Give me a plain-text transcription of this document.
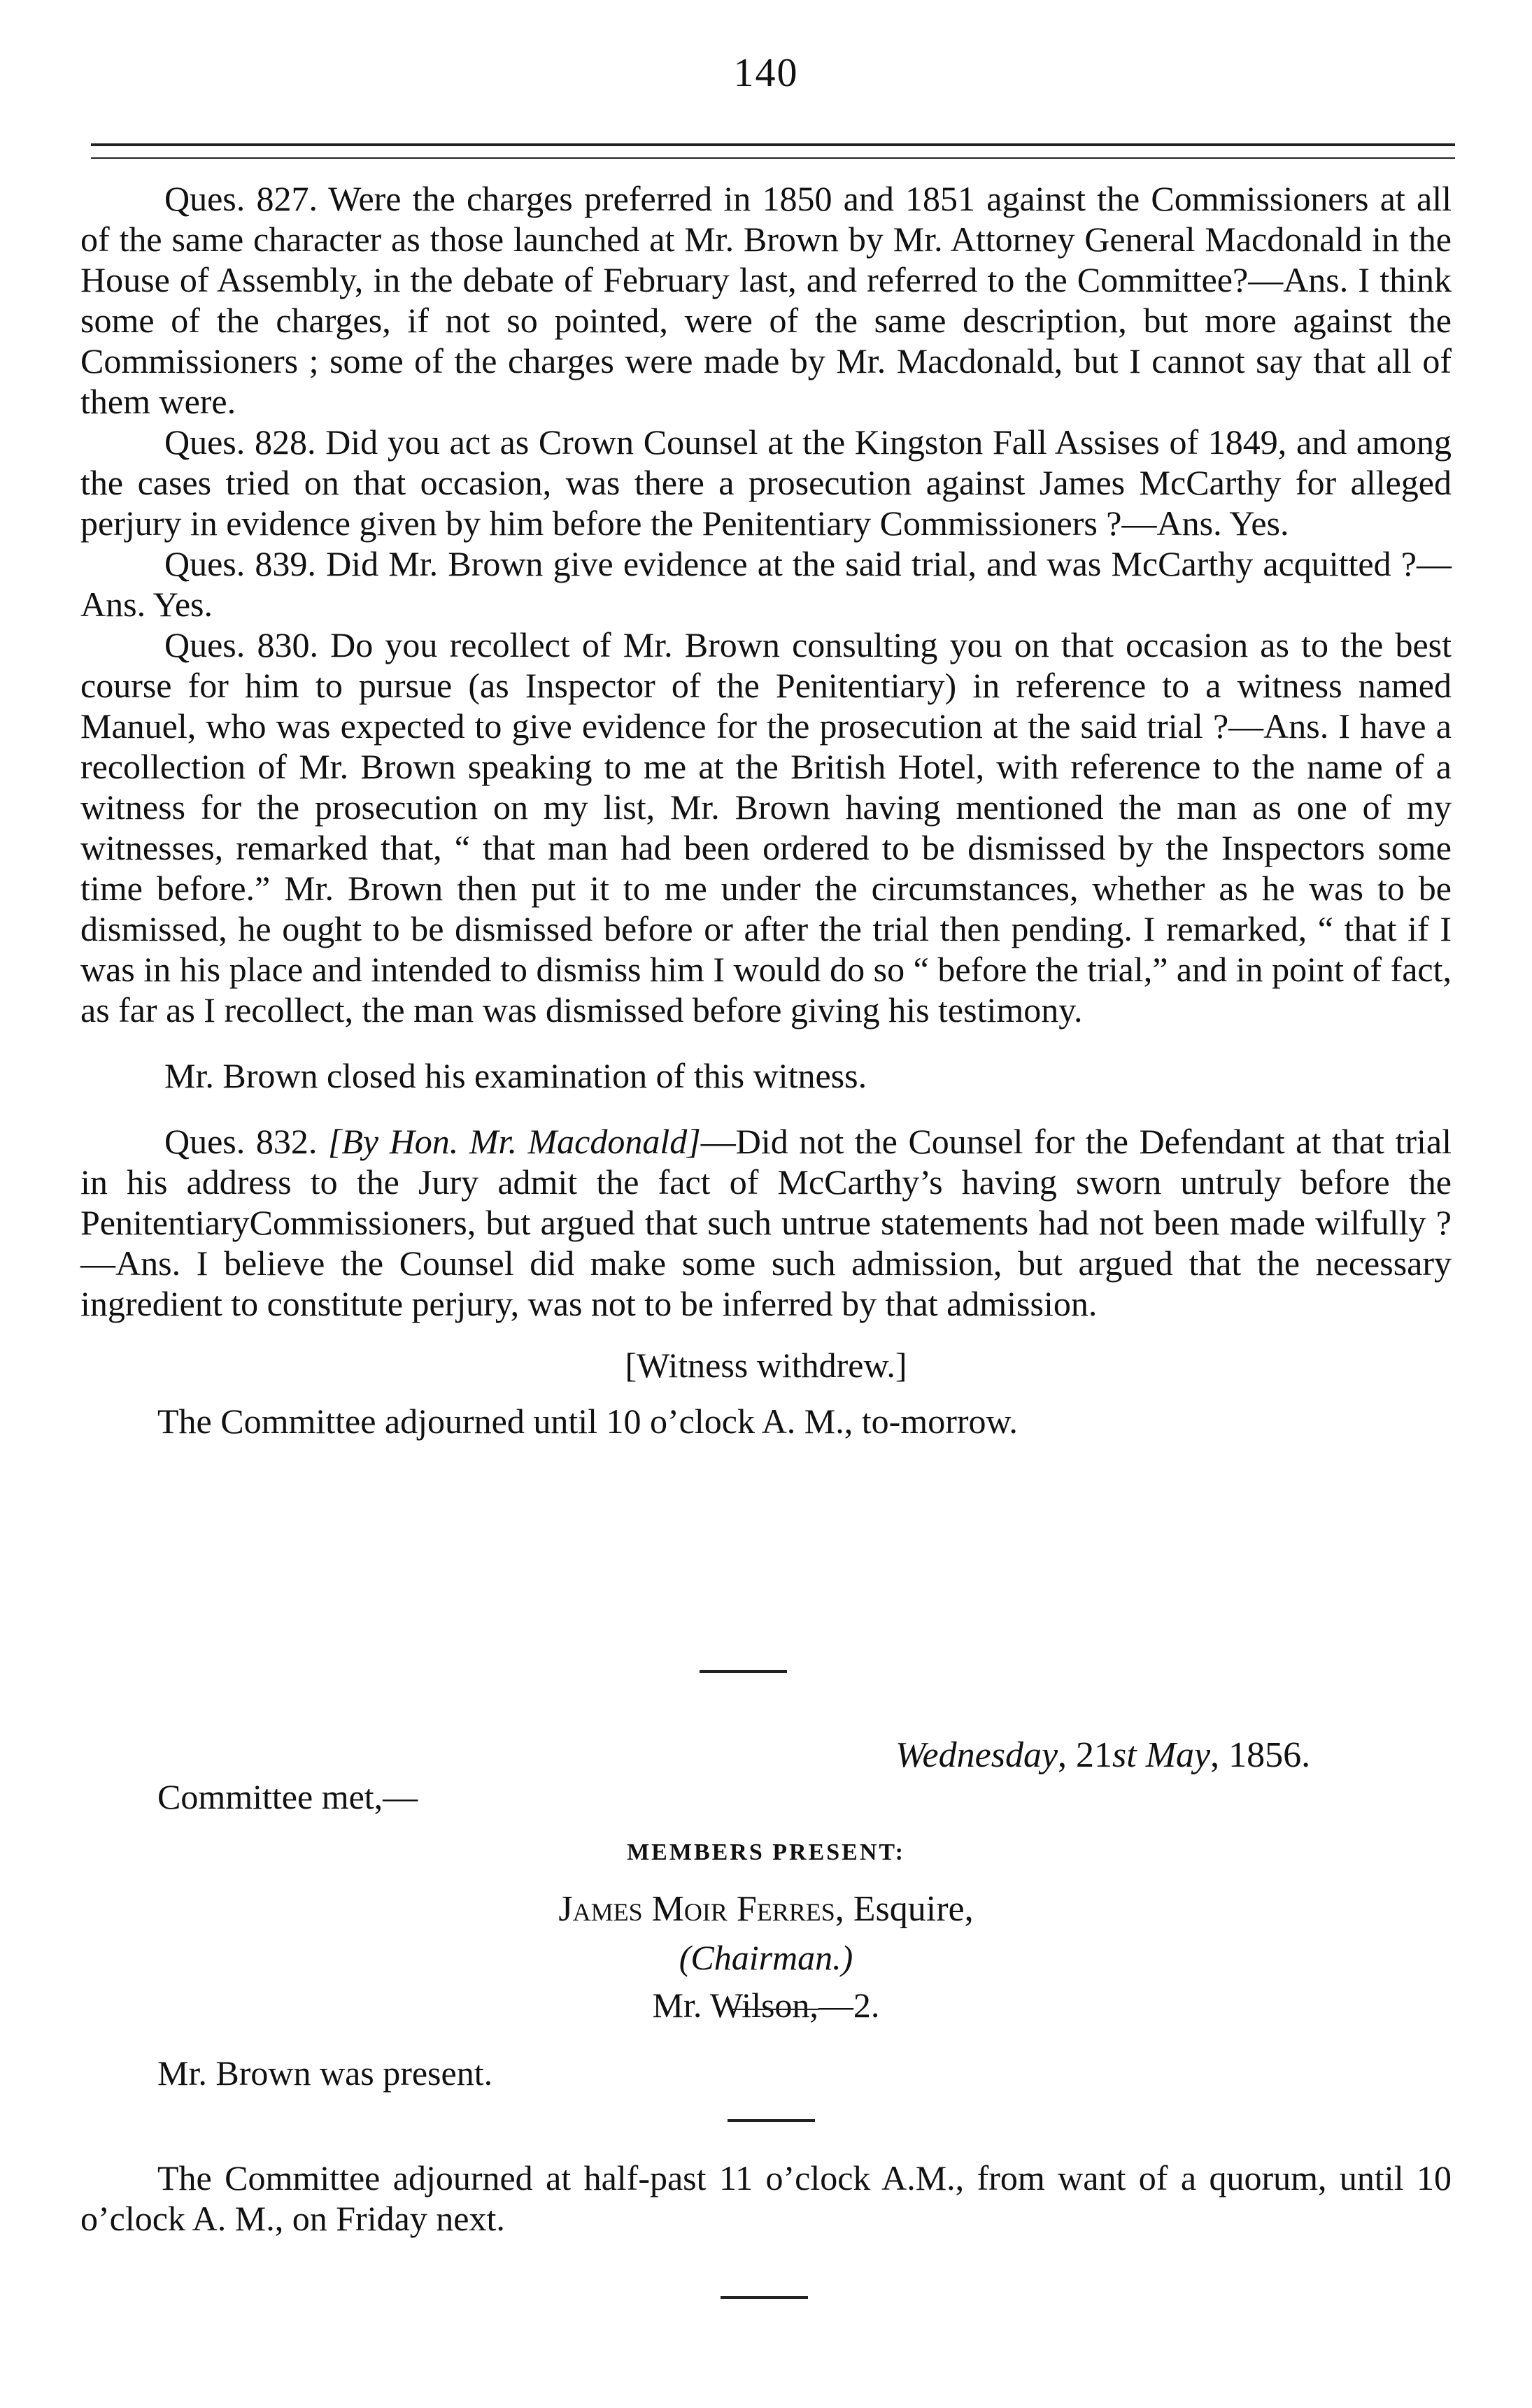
140

Ques. 827. Were the charges preferred in 1850 and 1851 against the Commissioners at all of the same character as those launched at Mr. Brown by Mr. Attorney General Macdonald in the House of Assembly, in the debate of February last, and referred to the Committee?—Ans. I think some of the charges, if not so pointed, were of the same description, but more against the Commissioners ; some of the charges were made by Mr. Macdonald, but I cannot say that all of them were.

Ques. 828. Did you act as Crown Counsel at the Kingston Fall Assises of 1849, and among the cases tried on that occasion, was there a prosecution against James McCarthy for alleged perjury in evidence given by him before the Penitentiary Commissioners ?—Ans. Yes.

Ques. 839. Did Mr. Brown give evidence at the said trial, and was McCarthy acquitted ?—Ans. Yes.

Ques. 830. Do you recollect of Mr. Brown consulting you on that occasion as to the best course for him to pursue (as Inspector of the Penitentiary) in reference to a witness named Manuel, who was expected to give evidence for the prosecution at the said trial ?—Ans. I have a recollection of Mr. Brown speaking to me at the British Hotel, with reference to the name of a witness for the prosecution on my list, Mr. Brown having mentioned the man as one of my witnesses, remarked that, “ that man had been ordered to be dismissed by the Inspectors some time before.” Mr. Brown then put it to me under the circumstances, whether as he was to be dismissed, he ought to be dismissed before or after the trial then pending. I remarked, “ that if I was in his place and intended to dismiss him I would do so “ before the trial,” and in point of fact, as far as I recollect, the man was dismissed before giving his testimony.

Mr. Brown closed his examination of this witness.

Ques. 832. [By Hon. Mr. Macdonald]—Did not the Counsel for the Defendant at that trial in his address to the Jury admit the fact of McCarthy’s having sworn untruly before the PenitentiaryCommissioners, but argued that such untrue statements had not been made wilfully ?—Ans. I believe the Counsel did make some such admission, but argued that the necessary ingredient to constitute perjury, was not to be inferred by that admission.

[Witness withdrew.]

The Committee adjourned until 10 o’clock A. M., to-morrow.

Wednesday, 21st May, 1856.
Committee met,—
MEMBERS PRESENT:
James Moir Ferres, Esquire,
(Chairman.)
Mr. Wilson,—2.
Mr. Brown was present.

The Committee adjourned at half-past 11 o’clock A.M., from want of a quorum, until 10 o’clock A. M., on Friday next.
